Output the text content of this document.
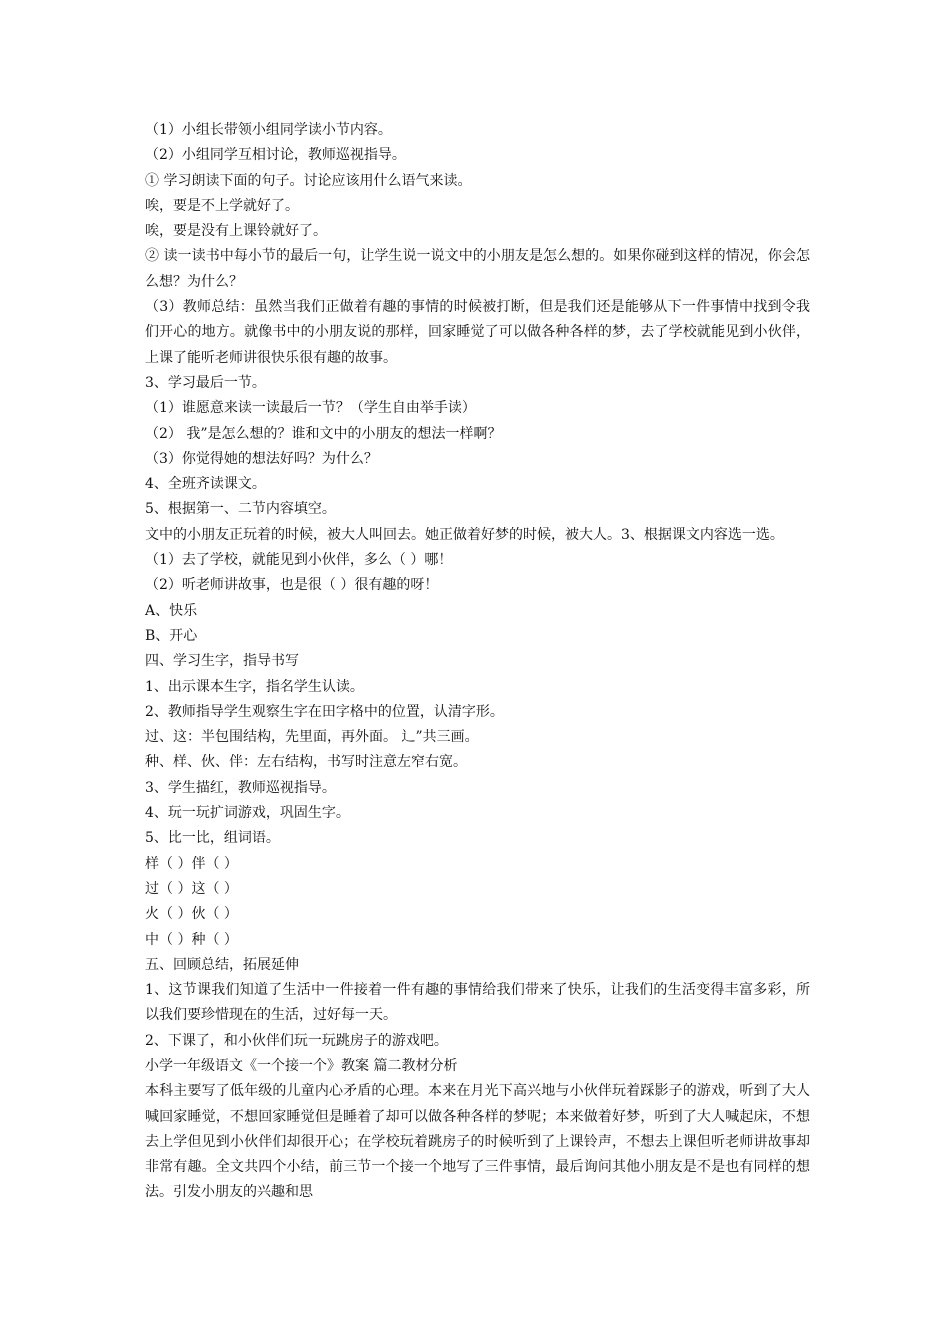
（1）小组长带领小组同学读小节内容。

（2）小组同学互相讨论，教师巡视指导。

① 学习朗读下面的句子。讨论应该用什么语气来读。

唉，要是不上学就好了。

唉，要是没有上课铃就好了。

② 读一读书中每小节的最后一句，让学生说一说文中的小朋友是怎么想的。如果你碰到这样的情况，你会怎么想？为什么？

（3）教师总结：虽然当我们正做着有趣的事情的时候被打断，但是我们还是能够从下一件事情中找到令我们开心的地方。就像书中的小朋友说的那样，回家睡觉了可以做各种各样的梦，去了学校就能见到小伙伴，上课了能听老师讲很快乐很有趣的故事。

3、学习最后一节。

（1）谁愿意来读一读最后一节？（学生自由举手读）

（2） 我”是怎么想的？谁和文中的小朋友的想法一样啊？

（3）你觉得她的想法好吗？为什么？

4、全班齐读课文。

5、根据第一、二节内容填空。

文中的小朋友正玩着的时候，被大人叫回去。她正做着好梦的时候，被大人。3、根据课文内容选一选。

（1）去了学校，就能见到小伙伴，多么（ ）哪！

（2）听老师讲故事，也是很（ ）很有趣的呀！

A、快乐

B、开心

四、学习生字，指导书写

1、出示课本生字，指名学生认读。

2、教师指导学生观察生字在田字格中的位置，认清字形。

过、这：半包围结构，先里面，再外面。 辶”共三画。

种、样、伙、伴：左右结构，书写时注意左窄右宽。

3、学生描红，教师巡视指导。

4、玩一玩扩词游戏，巩固生字。

5、比一比，组词语。

样（ ）伴（ ）

过（ ）这（ ）

火（ ）伙（ ）

中（ ）种（ ）

五、回顾总结，拓展延伸

1、这节课我们知道了生活中一件接着一件有趣的事情给我们带来了快乐，让我们的生活变得丰富多彩，所以我们要珍惜现在的生活，过好每一天。

2、下课了，和小伙伴们玩一玩跳房子的游戏吧。

小学一年级语文《一个接一个》教案 篇二教材分析

本科主要写了低年级的儿童内心矛盾的心理。本来在月光下高兴地与小伙伴玩着踩影子的游戏，听到了大人喊回家睡觉，不想回家睡觉但是睡着了却可以做各种各样的梦呢；本来做着好梦，听到了大人喊起床，不想去上学但见到小伙伴们却很开心；在学校玩着跳房子的时候听到了上课铃声，不想去上课但听老师讲故事却非常有趣。全文共四个小结，前三节一个接一个地写了三件事情，最后询问其他小朋友是不是也有同样的想法。引发小朋友的兴趣和思
